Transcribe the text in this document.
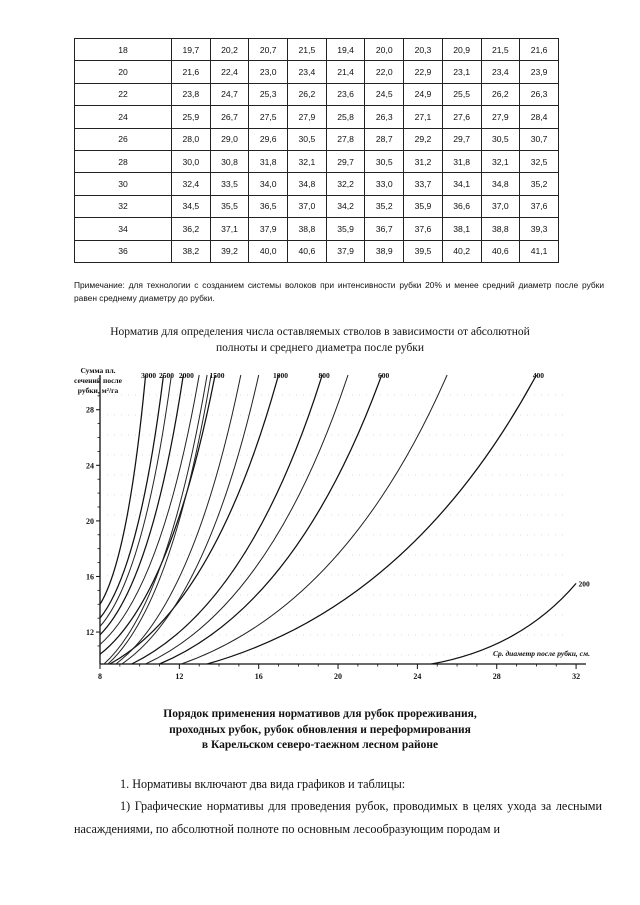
18	19,7	20,2	20,7	21,5	19,4	20,0	20,3	20,9	21,5	21,6
20	21,6	22,4	23,0	23,4	21,4	22,0	22,9	23,1	23,4	23,9
22	23,8	24,7	25,3	26,2	23,6	24,5	24,9	25,5	26,2	26,3
24	25,9	26,7	27,5	27,9	25,8	26,3	27,1	27,6	27,9	28,4
26	28,0	29,0	29,6	30,5	27,8	28,7	29,2	29,7	30,5	30,7
28	30,0	30,8	31,8	32,1	29,7	30,5	31,2	31,8	32,1	32,5
30	32,4	33,5	34,0	34,8	32,2	33,0	33,7	34,1	34,8	35,2
32	34,5	35,5	36,5	37,0	34,2	35,2	35,9	36,6	37,0	37,6
34	36,2	37,1	37,9	38,8	35,9	36,7	37,6	38,1	38,8	39,3
36	38,2	39,2	40,0	40,6	37,9	38,9	39,5	40,2	40,6	41,1
Примечание: для технологии с созданием системы волоков при интенсивности рубки 20% и менее средний диаметр после рубки равен среднему диаметру до рубки.
Норматив для определения числа оставляемых стволов в зависимости от абсолютной
полноты и среднего диаметра после рубки
8	12	16	20	24	28	32
12
16
20
24
28
Сумма пл.
сечений после
рубки, м²/га
Ср. диаметр после рубки, см.
3000 2500 2000 1500	1000	800	600	400
200
Порядок применения нормативов для рубок прореживания,
проходных рубок, рубок обновления и переформирования
в Карельском северо-таежном лесном районе
1. Нормативы включают два вида графиков и таблицы:
1) Графические нормативы для проведения рубок, проводимых в целях ухода за лесными насаждениями, по абсолютной полноте по основным лесообразующим породам и
